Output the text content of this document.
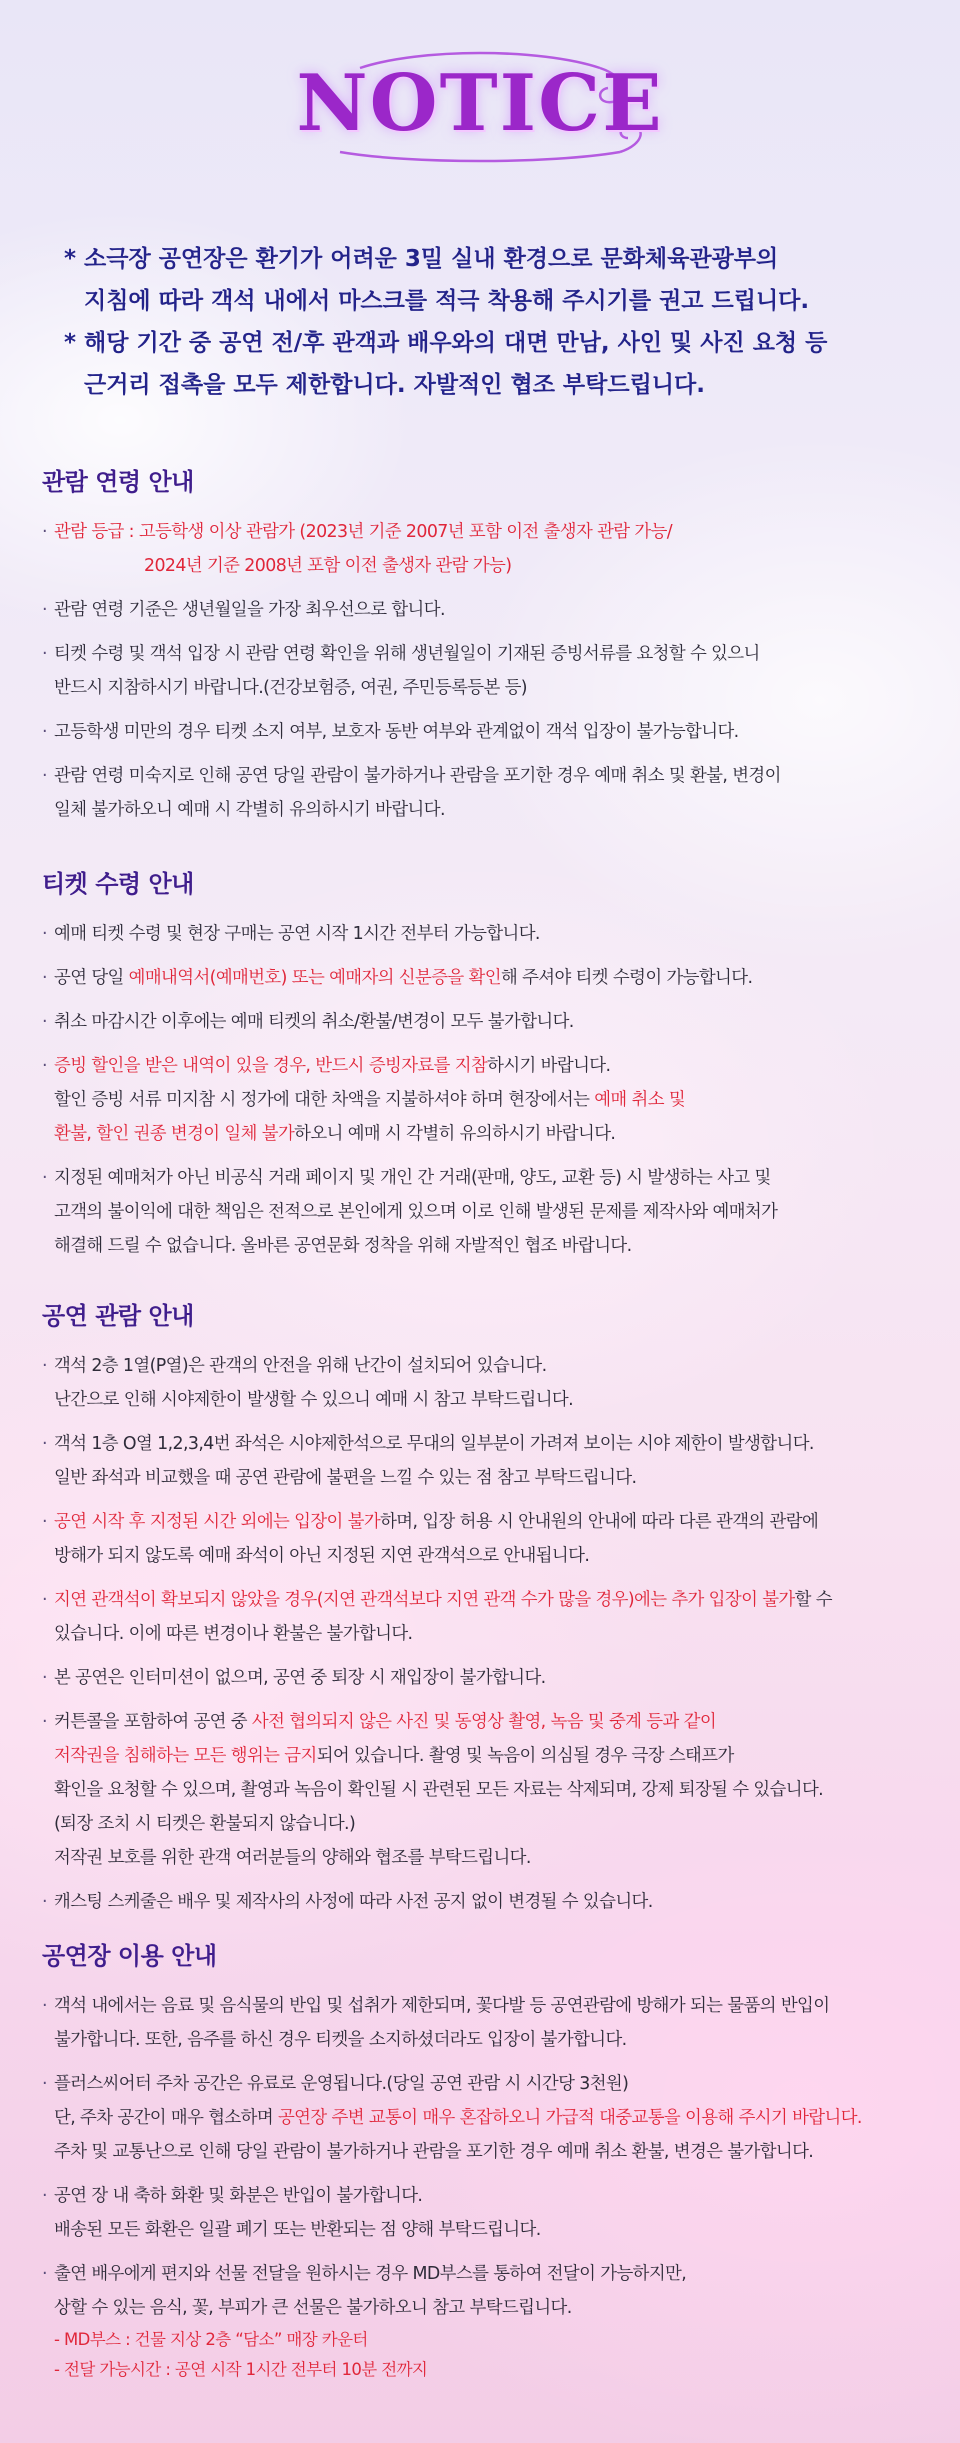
NOTICE
* 소극장 공연장은 환기가 어려운 3밀 실내 환경으로 문화체육관광부의
지침에 따라 객석 내에서 마스크를 적극 착용해 주시기를 권고 드립니다.
* 해당 기간 중 공연 전/후 관객과 배우와의 대면 만남, 사인 및 사진 요청 등
근거리 접촉을 모두 제한합니다. 자발적인 협조 부탁드립니다.
관람 연령 안내
· 관람 등급 : 고등학생 이상 관람가 (2023년 기준 2007년 포함 이전 출생자 관람 가능/
2024년 기준 2008년 포함 이전 출생자 관람 가능)
· 관람 연령 기준은 생년월일을 가장 최우선으로 합니다.
· 티켓 수령 및 객석 입장 시 관람 연령 확인을 위해 생년월일이 기재된 증빙서류를 요청할 수 있으니
반드시 지참하시기 바랍니다.(건강보험증, 여권, 주민등록등본 등)
· 고등학생 미만의 경우 티켓 소지 여부, 보호자 동반 여부와 관계없이 객석 입장이 불가능합니다.
· 관람 연령 미숙지로 인해 공연 당일 관람이 불가하거나 관람을 포기한 경우 예매 취소 및 환불, 변경이
일체 불가하오니 예매 시 각별히 유의하시기 바랍니다.
티켓 수령 안내
· 예매 티켓 수령 및 현장 구매는 공연 시작 1시간 전부터 가능합니다.
· 공연 당일 예매내역서(예매번호) 또는 예매자의 신분증을 확인해 주셔야 티켓 수령이 가능합니다.
· 취소 마감시간 이후에는 예매 티켓의 취소/환불/변경이 모두 불가합니다.
· 증빙 할인을 받은 내역이 있을 경우, 반드시 증빙자료를 지참하시기 바랍니다.
할인 증빙 서류 미지참 시 정가에 대한 차액을 지불하셔야 하며 현장에서는 예매 취소 및
환불, 할인 권종 변경이 일체 불가하오니 예매 시 각별히 유의하시기 바랍니다.
· 지정된 예매처가 아닌 비공식 거래 페이지 및 개인 간 거래(판매, 양도, 교환 등) 시 발생하는 사고 및
고객의 불이익에 대한 책임은 전적으로 본인에게 있으며 이로 인해 발생된 문제를 제작사와 예매처가
해결해 드릴 수 없습니다. 올바른 공연문화 정착을 위해 자발적인 협조 바랍니다.
공연 관람 안내
· 객석 2층 1열(P열)은 관객의 안전을 위해 난간이 설치되어 있습니다.
난간으로 인해 시야제한이 발생할 수 있으니 예매 시 참고 부탁드립니다.
· 객석 1층 O열 1,2,3,4번 좌석은 시야제한석으로 무대의 일부분이 가려져 보이는 시야 제한이 발생합니다.
일반 좌석과 비교했을 때 공연 관람에 불편을 느낄 수 있는 점 참고 부탁드립니다.
· 공연 시작 후 지정된 시간 외에는 입장이 불가하며, 입장 허용 시 안내원의 안내에 따라 다른 관객의 관람에
방해가 되지 않도록 예매 좌석이 아닌 지정된 지연 관객석으로 안내됩니다.
· 지연 관객석이 확보되지 않았을 경우(지연 관객석보다 지연 관객 수가 많을 경우)에는 추가 입장이 불가할 수
있습니다. 이에 따른 변경이나 환불은 불가합니다.
· 본 공연은 인터미션이 없으며, 공연 중 퇴장 시 재입장이 불가합니다.
· 커튼콜을 포함하여 공연 중 사전 협의되지 않은 사진 및 동영상 촬영, 녹음 및 중계 등과 같이
저작권을 침해하는 모든 행위는 금지되어 있습니다. 촬영 및 녹음이 의심될 경우 극장 스태프가
확인을 요청할 수 있으며, 촬영과 녹음이 확인될 시 관련된 모든 자료는 삭제되며, 강제 퇴장될 수 있습니다.
(퇴장 조치 시 티켓은 환불되지 않습니다.)
저작권 보호를 위한 관객 여러분들의 양해와 협조를 부탁드립니다.
· 캐스팅 스케줄은 배우 및 제작사의 사정에 따라 사전 공지 없이 변경될 수 있습니다.
공연장 이용 안내
· 객석 내에서는 음료 및 음식물의 반입 및 섭취가 제한되며, 꽃다발 등 공연관람에 방해가 되는 물품의 반입이
불가합니다. 또한, 음주를 하신 경우 티켓을 소지하셨더라도 입장이 불가합니다.
· 플러스씨어터 주차 공간은 유료로 운영됩니다.(당일 공연 관람 시 시간당 3천원)
단, 주차 공간이 매우 협소하며 공연장 주변 교통이 매우 혼잡하오니 가급적 대중교통을 이용해 주시기 바랍니다.
주차 및 교통난으로 인해 당일 관람이 불가하거나 관람을 포기한 경우 예매 취소 환불, 변경은 불가합니다.
· 공연 장 내 축하 화환 및 화분은 반입이 불가합니다.
배송된 모든 화환은 일괄 폐기 또는 반환되는 점 양해 부탁드립니다.
· 출연 배우에게 편지와 선물 전달을 원하시는 경우 MD부스를 통하여 전달이 가능하지만,
상할 수 있는 음식, 꽃, 부피가 큰 선물은 불가하오니 참고 부탁드립니다.
- MD부스 : 건물 지상 2층 “담소” 매장 카운터
- 전달 가능시간 : 공연 시작 1시간 전부터 10분 전까지
